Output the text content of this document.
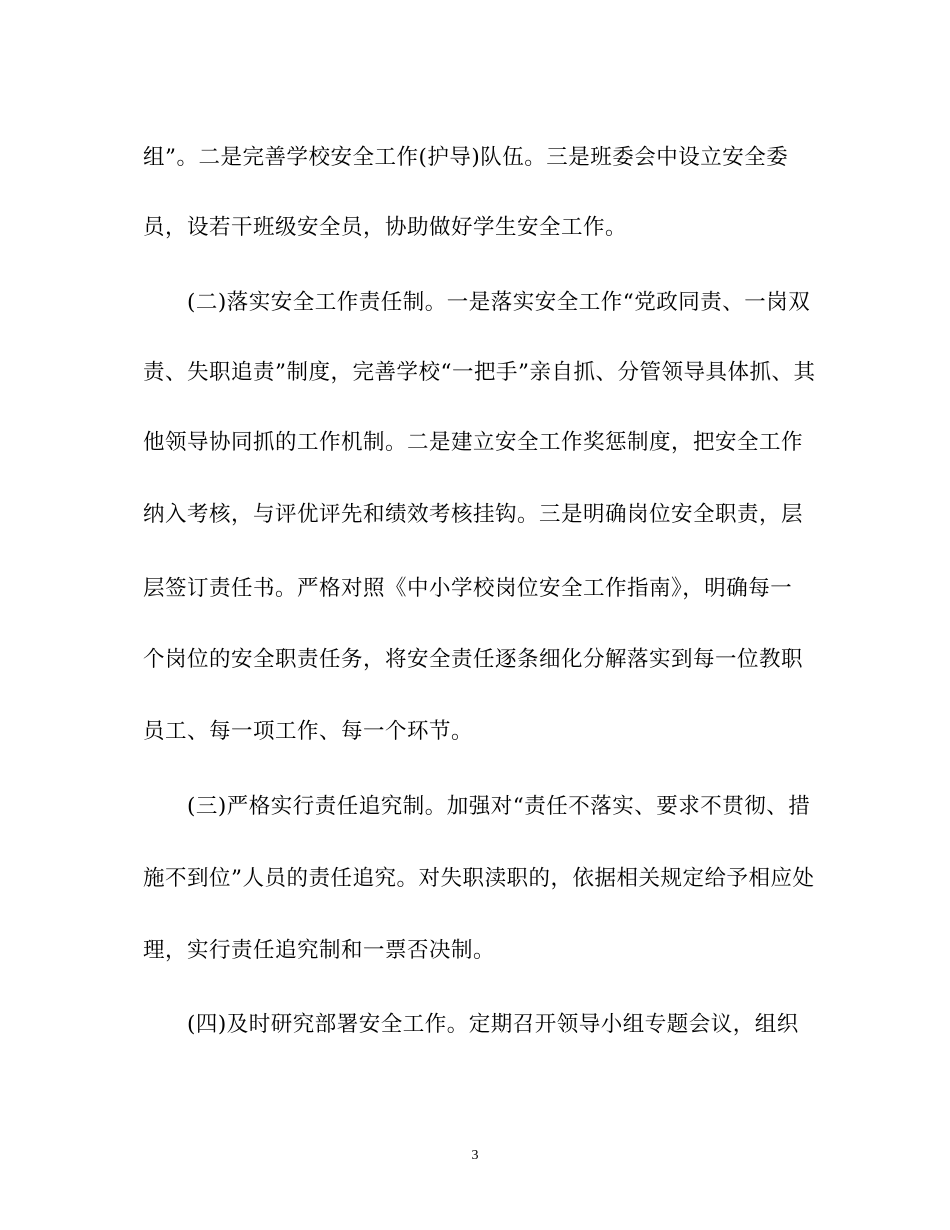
组”。二是完善学校安全工作(护导)队伍。三是班委会中设立安全委
员，设若干班级安全员，协助做好学生安全工作。
　　(二)落实安全工作责任制。一是落实安全工作“党政同责、一岗双
责、失职追责”制度，完善学校“一把手”亲自抓、分管领导具体抓、其
他领导协同抓的工作机制。二是建立安全工作奖惩制度，把安全工作
纳入考核，与评优评先和绩效考核挂钩。三是明确岗位安全职责，层
层签订责任书。严格对照《中小学校岗位安全工作指南》，明确每一
个岗位的安全职责任务，将安全责任逐条细化分解落实到每一位教职
员工、每一项工作、每一个环节。
　　(三)严格实行责任追究制。加强对“责任不落实、要求不贯彻、措
施不到位”人员的责任追究。对失职渎职的，依据相关规定给予相应处
理，实行责任追究制和一票否决制。
　　(四)及时研究部署安全工作。定期召开领导小组专题会议，组织
3
